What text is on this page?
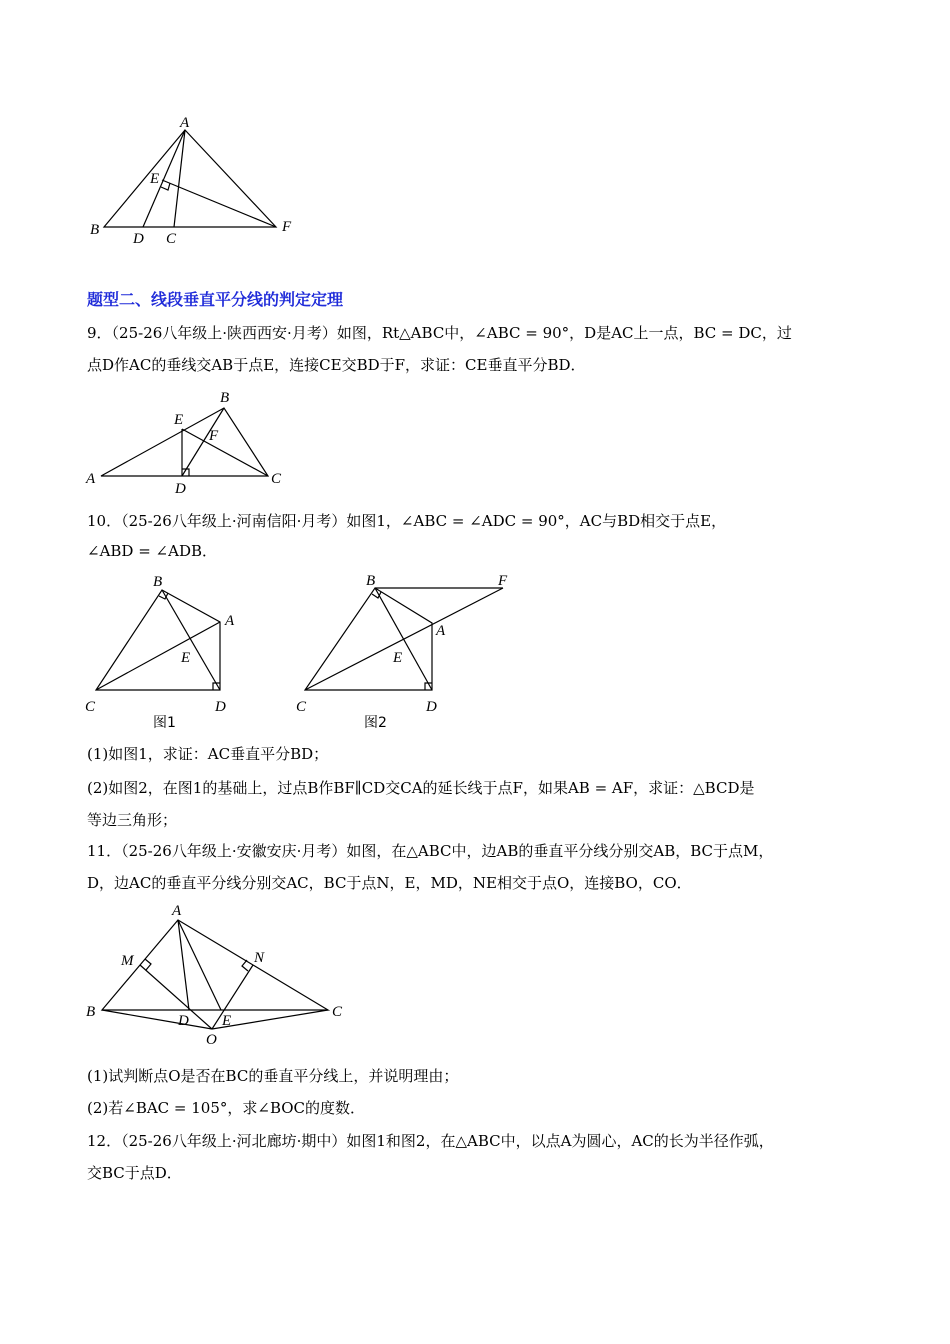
A
E
B
D C
F
题型二、线段垂直平分线的判定定理
9．（25-26八年级上·陕西西安·月考）如图，Rt△ABC中，∠ABC = 90°，D是AC上一点，BC = DC，过
点D作AC的垂线交AB于点E，连接CE交BD于F，求证：CE垂直平分BD．
B
E
F
A
D
C
10．（25-26八年级上·河南信阳·月考）如图1，∠ABC = ∠ADC = 90°，AC与BD相交于点E，
∠ABD = ∠ADB．
B
A
E
C	D
图1
B	F
A
E
C	D
图2
(1)如图1，求证：AC垂直平分BD；
(2)如图2，在图1的基础上，过点B作BF∥CD交CA的延长线于点F，如果AB = AF，求证：△BCD是
等边三角形；
11．（25-26八年级上·安徽安庆·月考）如图，在△ABC中，边AB的垂直平分线分别交AB，BC于点M，
D，边AC的垂直平分线分别交AC，BC于点N，E，MD，NE相交于点O，连接BO，CO．
A
M	N
B
D E
C
O
(1)试判断点O是否在BC的垂直平分线上，并说明理由；
(2)若∠BAC = 105°，求∠BOC的度数．
12．（25-26八年级上·河北廊坊·期中）如图1和图2，在△ABC中，以点A为圆心，AC的长为半径作弧，
交BC于点D．
